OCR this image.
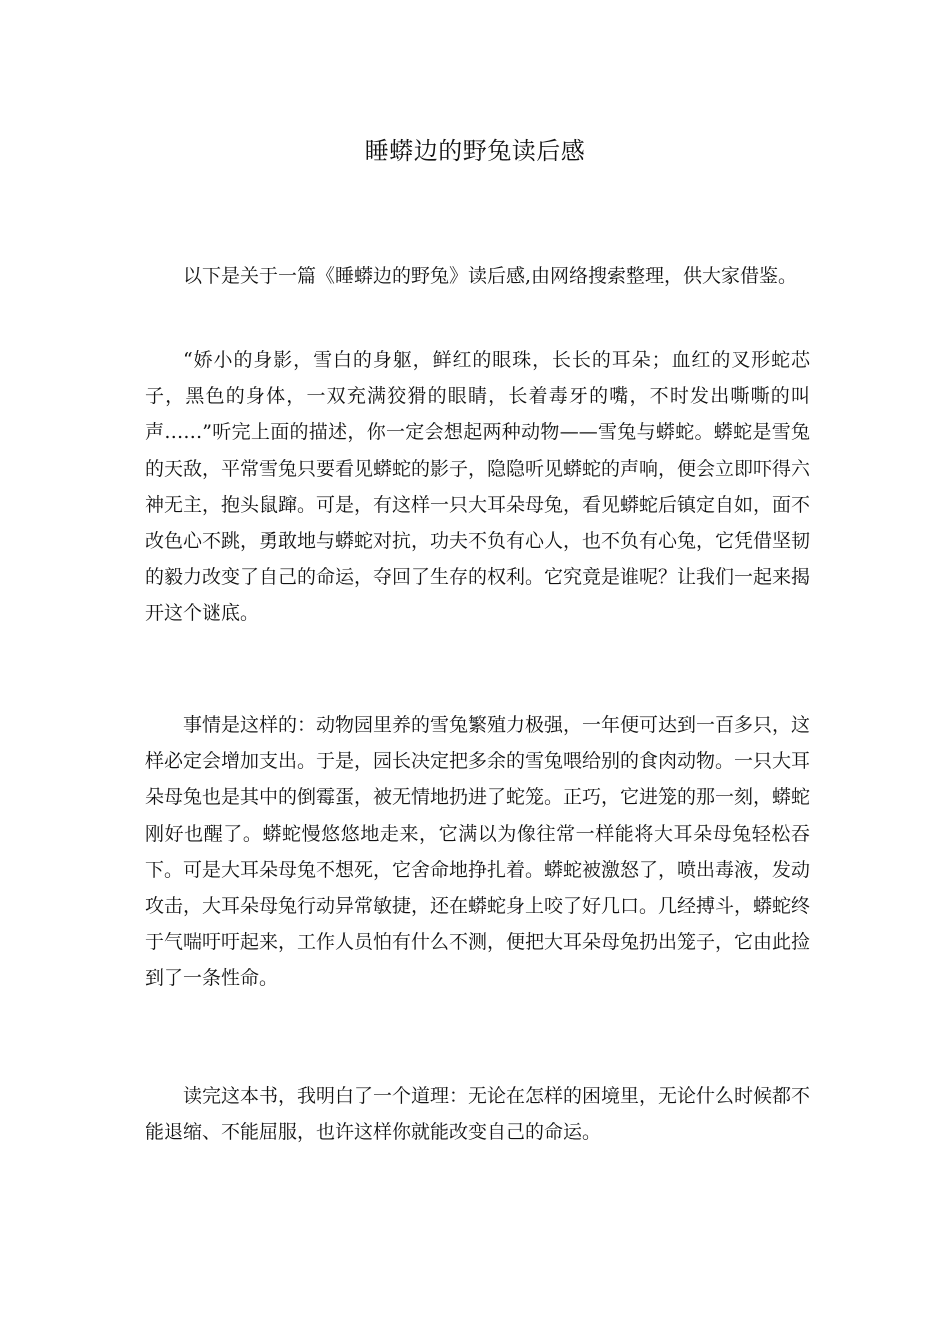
睡蟒边的野兔读后感

以下是关于一篇《睡蟒边的野兔》读后感,由网络搜索整理，供大家借鉴。

“娇小的身影，雪白的身躯，鲜红的眼珠，长长的耳朵；血红的叉形蛇芯子，黑色的身体，一双充满狡猾的眼睛，长着毒牙的嘴，不时发出嘶嘶的叫声……”听完上面的描述，你一定会想起两种动物——雪兔与蟒蛇。蟒蛇是雪兔的天敌，平常雪兔只要看见蟒蛇的影子，隐隐听见蟒蛇的声响，便会立即吓得六神无主，抱头鼠蹿。可是，有这样一只大耳朵母兔，看见蟒蛇后镇定自如，面不改色心不跳，勇敢地与蟒蛇对抗，功夫不负有心人，也不负有心兔，它凭借坚韧的毅力改变了自己的命运，夺回了生存的权利。它究竟是谁呢？让我们一起来揭开这个谜底。

事情是这样的：动物园里养的雪兔繁殖力极强，一年便可达到一百多只，这样必定会增加支出。于是，园长决定把多余的雪兔喂给别的食肉动物。一只大耳朵母兔也是其中的倒霉蛋，被无情地扔进了蛇笼。正巧，它进笼的那一刻，蟒蛇刚好也醒了。蟒蛇慢悠悠地走来，它满以为像往常一样能将大耳朵母兔轻松吞下。可是大耳朵母兔不想死，它舍命地挣扎着。蟒蛇被激怒了，喷出毒液，发动攻击，大耳朵母兔行动异常敏捷，还在蟒蛇身上咬了好几口。几经搏斗，蟒蛇终于气喘吁吁起来，工作人员怕有什么不测，便把大耳朵母兔扔出笼子，它由此捡到了一条性命。

读完这本书，我明白了一个道理：无论在怎样的困境里，无论什么时候都不能退缩、不能屈服，也许这样你就能改变自己的命运。
